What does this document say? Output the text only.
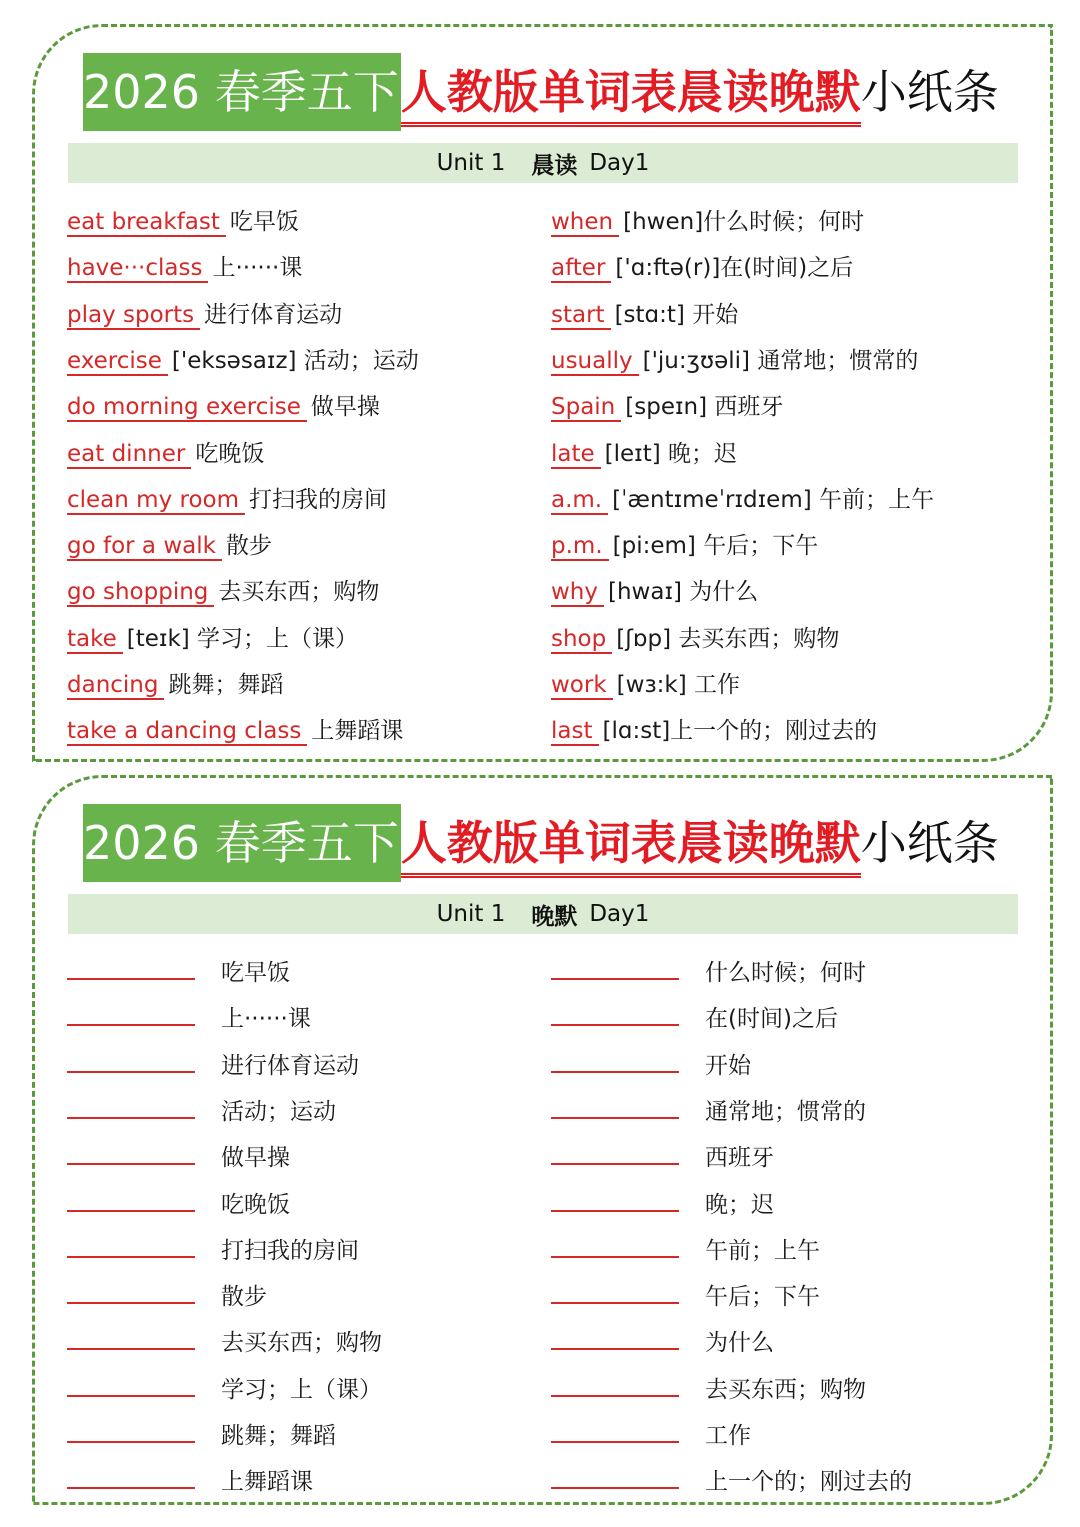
2026 春季五下 人教版单词表晨读晚默 小纸条
Unit 1 晨读 Day1
eat breakfast 吃早饭
have···class 上······课
play sports 进行体育运动
exercise ['eksəsaɪz] 活动；运动
do morning exercise 做早操
eat dinner 吃晚饭
clean my room 打扫我的房间
go for a walk 散步
go shopping 去买东西；购物
take [teɪk] 学习；上（课）
dancing 跳舞；舞蹈
take a dancing class 上舞蹈课
when [hwen]什么时候；何时
after ['ɑ:ftə(r)]在(时间)之后
start [stɑ:t] 开始
usually ['ju:ʒʊəli] 通常地；惯常的
Spain [speɪn] 西班牙
late [leɪt] 晚；迟
a.m. [ˈæntɪmeˈrɪdɪem] 午前；上午
p.m. [pi:em] 午后；下午
why [hwaɪ] 为什么
shop [ʃɒp] 去买东西；购物
work [wɜ:k] 工作
last [lɑ:st]上一个的；刚过去的
2026 春季五下 人教版单词表晨读晚默 小纸条
Unit 1 晚默 Day1
吃早饭
上······课
进行体育运动
活动；运动
做早操
吃晚饭
打扫我的房间
散步
去买东西；购物
学习；上（课）
跳舞；舞蹈
上舞蹈课
什么时候；何时
在(时间)之后
开始
通常地；惯常的
西班牙
晚；迟
午前；上午
午后；下午
为什么
去买东西；购物
工作
上一个的；刚过去的
